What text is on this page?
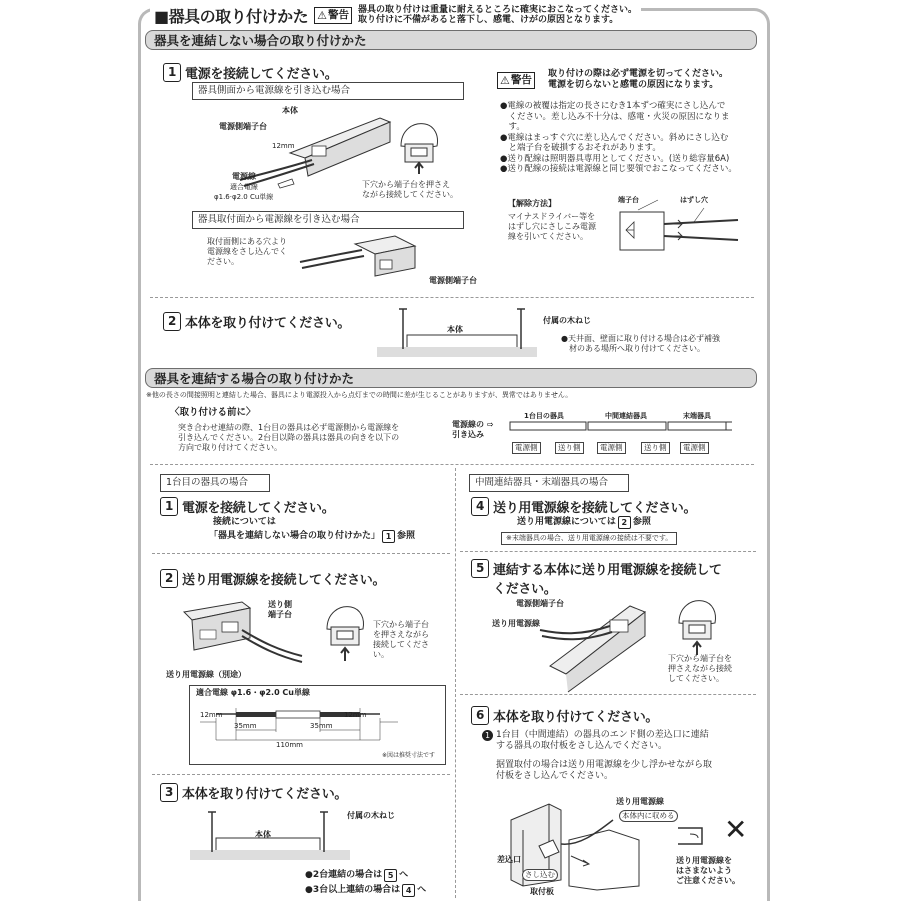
■器具の取り付けかた ⚠ 警告 器具の取り付けは重量に耐えるところに確実におこなってください。
取り付けに不備があると落下し、感電、けがの原因となります。
器具を連結しない場合の取り付けかた
1 電源を接続してください。
器具側面から電源線を引き込む場合
本体
電源側端子台
12mm
電源線
適合電線
φ1.6·φ2.0 Cu単線
下穴から端子台を押さえ
ながら接続してください。
器具取付面から電源線を引き込む場合
取付面側にある穴より
電源線をさし込んでく
ださい。
電源側端子台
⚠ 警告 取り付けの際は必ず電源を切ってください。
電源を切らないと感電の原因になります。
●電線の被覆は指定の長さにむき1本ずつ確実にさし込んで
　ください。差し込み不十分は、感電・火災の原因になりま
　す。
●電線はまっすぐ穴に差し込んでください。斜めにさし込む
　と端子台を破損するおそれがあります。
●送り配線は照明器具専用としてください。(送り総容量6A)
●送り配線の接続は電源線と同じ要領でおこなってください。
【解除方法】
マイナスドライバー等を
はずし穴にさしこみ電源
線を引いてください。
端子台	はずし穴
2 本体を取り付けてください。	本体
付属の木ねじ
●天井面、壁面に取り付ける場合は必ず補強
　材のある場所へ取り付けてください。
器具を連結する場合の取り付けかた
※他の長さの間接照明と連結した場合、器具により電源投入から点灯までの時間に差が生じることがありますが、異常ではありません。
〈取り付ける前に〉
突き合わせ連結の際、1台目の器具は必ず電源側から電源線を
引き込んでください。2台目以降の器具は器具の向きを以下の
方向で取り付けてください。
電源線の ⇨
引き込み
1台目の器具	中間連結器具	末端器具
電源側	送り側	電源側	送り側	電源側
1台目の器具の場合
1 電源を接続してください。
接続については
「器具を連結しない場合の取り付けかた」 1 参照
2 送り用電源線を接続してください。
送り側
端子台
下穴から端子台
を押さえながら
接続してくださ
い。
送り用電源線（別途）
適合電線 φ1.6・φ2.0 Cu単線
12mm	12mm
35mm	35mm
110mm
※図は推奨寸法です
3 本体を取り付けてください。
付属の木ねじ
本体
●2台連結の場合は 5 へ
●3台以上連結の場合は 4 へ
中間連結器具・末端器具の場合
4 送り用電源線を接続してください。
送り用電源線については 2 参照
※末端器具の場合、送り用電源線の接続は不要です。
5 連結する本体に送り用電源線を接続して
ください。
電源側端子台
送り用電源線
下穴から端子台を
押さえながら接続
してください。
6 本体を取り付けてください。
1 1台目（中間連結）の器具のエンド側の差込口に連結
する器具の取付板をさし込んでください。
据置取付の場合は送り用電源線を少し浮かせながら取
付板をさし込んでください。
送り用電源線
本体内に収める
差込口
さし込む
取付板
✕
送り用電源線を
はさまないよう
ご注意ください。
